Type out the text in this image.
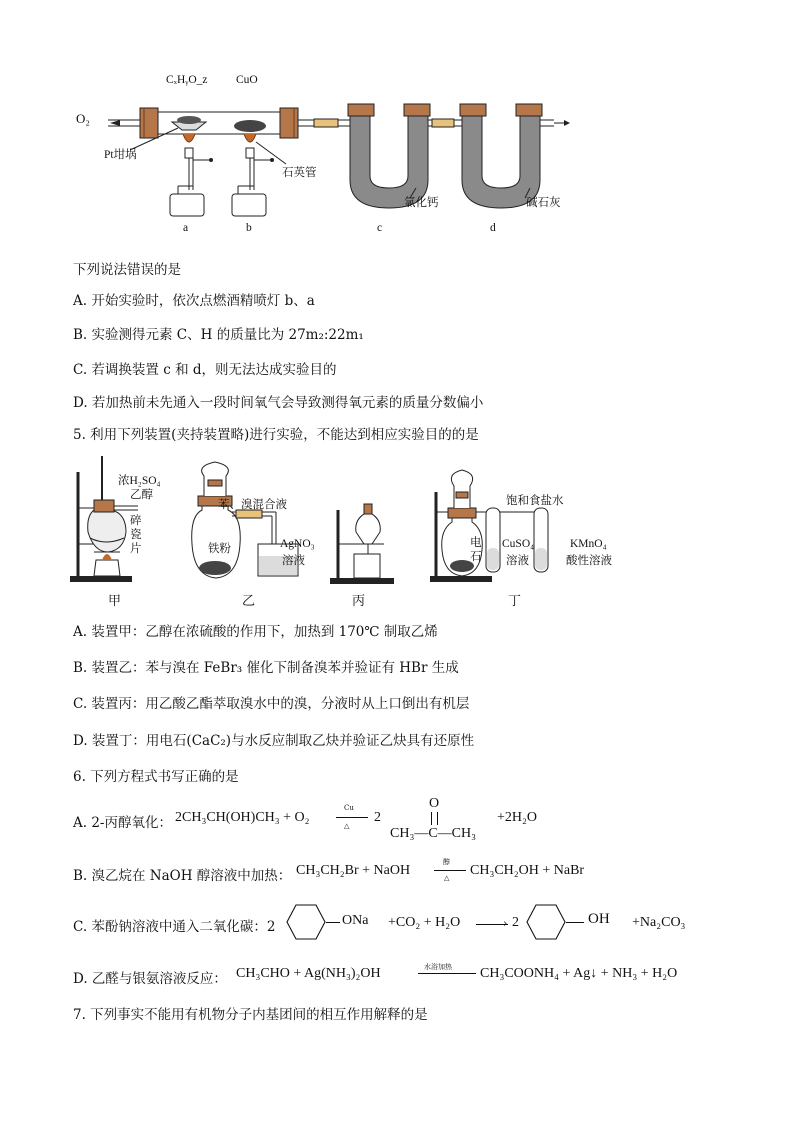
O₂
CₓHᵧO_z CuO
Pt坩埚
石英管
氯化钙	碱石灰
a	b	c	d
下列说法错误的是
A. 开始实验时，依次点燃酒精喷灯 b、a
B. 实验测得元素 C、H 的质量比为 27m₂:22m₁
C. 若调换装置 c 和 d，则无法达成实验目的
D. 若加热前未先通入一段时间氧气会导致测得氧元素的质量分数偏小
5. 利用下列装置(夹持装置略)进行实验，不能达到相应实验目的的是
浓H₂SO₄
乙醇
碎
瓷
片
苯、溴混合液
铁粉	AgNO₃
溶液
饱和食盐水
电
石
CuSO₄
溶液
KMnO₄
酸性溶液
甲	乙	丙	丁
A. 装置甲：乙醇在浓硫酸的作用下，加热到 170℃ 制取乙烯
B. 装置乙：苯与溴在 FeBr₃ 催化下制备溴苯并验证有 HBr 生成
C. 装置丙：用乙酸乙酯萃取溴水中的溴，分液时从上口倒出有机层
D. 装置丁：用电石(CaC₂)与水反应制取乙炔并验证乙炔具有还原性
6. 下列方程式书写正确的是
A. 2-丙醇氧化： 2CH₃CH(OH)CH₃ + O₂
Cu
△
2
O
CH₃—C—CH₃
+2H₂O
B. 溴乙烷在 NaOH 醇溶液中加热： CH₃CH₂Br + NaOH
醇
△ CH₃CH₂OH + NaBr
C. 苯酚钠溶液中通入二氧化碳：2	ONa +CO₂ + H₂O	› 2	OH +Na₂CO₃
D. 乙醛与银氨溶液反应： CH₃CHO + Ag(NH₃)₂OH	水浴加热 CH₃COONH₄ + Ag↓ + NH₃ + H₂O
7. 下列事实不能用有机物分子内基团间的相互作用解释的是
